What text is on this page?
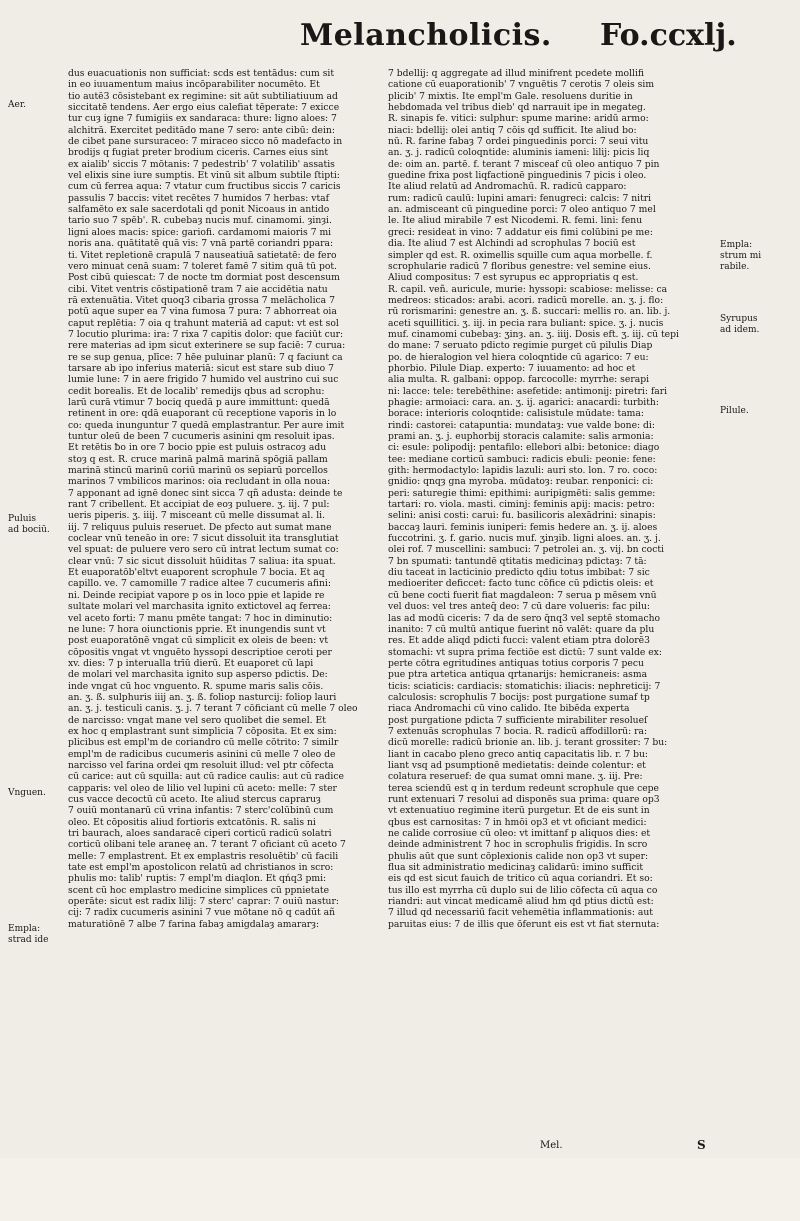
Melancholicis. Fo.ccxlj.
dus euacuationis non sufficiat: scds est tentādus: cum sit
in eo iuuamentum maius incōparabiliter nocumēto. Et
tio autē3 cōsistebant ex regimine: sit aūt subtiliatiuum ad
siccitatē tendens. Aer ergo eius calefiat tēperate: 7 exicce
tur cuȝ igne 7 fumigiis ex sandaraca: thure: ligno aloes: 7
alchitrā. Exercitet peditādo mane 7 sero: ante cibū: dein:
de cibet pane sursuraceo: 7 miraceo sicco nō madefacto in
brodijs q fugiat preter brodium ciceris. Carnes eius sint
ex aialib' siccis 7 mōtanis: 7 pedestrib' 7 volatilib' assatis
vel elixis sine iure sumptis. Et vinū sit album subtile ſtipti:
cum cū ferrea aqua: 7 vtatur cum fructibus siccis 7 caricis
passulis 7 baccis: vitet recētes 7 humidos 7 herbas: vtaf
salfamēto ex sale sacerdotali qd ponit Nicoaus in antido
tario suo 7 spēb'. R. cubebaȝ nucis muf. cinamomi. ȝinȝi.
ligni aloes macis: spice: gariofi. cardamomi maioris 7 mi
noris ana. quātitatē quā vis: 7 vnā partē coriandri ppara:
ti. Vitet repletionē crapulā 7 nauseatiuā satietatē: de fero
vero minuat cenā suam: 7 toleret famē 7 sitim quā tū pot.
Post cibū quiescat: 7 de nocte tm dormiat post descensum
cibi. Vitet ventris cōstipationē tram 7 aie accidētia natu
rā extenuātia. Vitet quoq3 cibaria grossa 7 melācholica 7
potū aque super ea 7 vina fumosa 7 pura: 7 abhorreat oia
caput replētia: 7 oia q trahunt materiā ad caput: vt est sol
7 locutio plurima: ira: 7 rixa 7 capitis dolor: que faciūt cur:
rere materias ad ipm sicut exterinere se sup faciē: 7 curua:
re se sup genua, plīce: 7 hēe puluinar planū: 7 q faciunt ca
tarsare ab ipo inferius materiā: sicut est stare sub diuo 7
lumie lune: 7 in aere frigido 7 humido vel austrino cui suc
cedit borealis. Et de localib' remedijs qbus ad scrophu:
larū curā vtimur 7 bociq quedā p aure immittunt: quedā
retinent in ore: qdā euaporant cū receptione vaporis in lo
co: queda inunguntur 7 quedā emplastrantur. Per aure imit
tuntur oleū de been 7 cucumeris asinini qm resoluit ipas.
Et retētis ƀo in ore 7 bocio ppie est puluis ostracoȝ adu
stoȝ q est. R. cruce marinā palmā marinā spōgiā pallam
marinā stincū marinū coriū marinū os sepiarū porcellos
marinos 7 vmbilicos marinos: oia recludant in olla noua:
7 apponant ad ignē donec sint sicca 7 qñ adusta: deinde te
rant 7 cribellent. Et accipiat de eoȝ puluere. ʒ. iij. 7 pul:
ueris piperis. ʒ. iiij. 7 misceant cū melle dissumat al. li.
iij. 7 reliquus puluis reseruet. De pfecto aut sumat mane
coclear vnū teneāo in ore: 7 sicut dissoluit ita transglutiat
vel spuat: de puluere vero sero cū intrat lectum sumat co:
clear vnū: 7 sic sicut dissoluit hūiditas 7 saliua: ita spuat.
Et euaporatōb'eltvt euaporent scrophule 7 bocia. Et aq
capillo. ve. 7 camomille 7 radice altee 7 cucumeris afini:
ni. Deinde recipiat vapore p os in loco ppie et lapide re
sultate molari vel marchasita ignito extictovel aq ferrea:
vel aceto forti: 7 manu pmēte tangat: 7 hoc in diminutio:
ne lune: 7 hora oiunctionis pprie. Et inungendis sunt vt
post euaporatōnē vngat cū simplicit ex oleis de been: vt
cōpositis vngat vt vnguēto hyssopi descriptioe ceroti per
xv. dies: 7 p interualla trīū dierū. Et euaporet cū lapi
de molari vel marchasita ignito sup asperso pdictis. De:
inde vngat cū hoc vnguento. R. spume maris salis cōis.
an. ʒ. ß. sulphuris iiij an. ʒ. ß. foliop nasturcij: foliop lauri
an. ʒ. j. testiculi canis. ʒ. j. 7 terant 7 cōficiant cū melle 7 oleo
de narcisso: vngat mane vel sero quolibet die semel. Et
ex hoc q emplastrant sunt simplicia 7 cōposita. Et ex sim:
plicibus est empl'm de coriandro cū melle cōtrito: 7 similr
empl'm de radicibus cucumeris asinini cū melle 7 oleo de
narcisso vel farina ordei qm resoluit illud: vel ptr cōfecta
cū carice: aut cū squilla: aut cū radice caulis: aut cū radice
capparis: vel oleo de lilio vel lupini cū aceto: melle: 7 ster
cus vacce decoctū cū aceto. Ite aliud stercus capraruȝ
7 ouiū montanarū cū vrina infantis: 7 sterc'colūbinū cum
oleo. Et cōpositis aliud fortioris extcatōnis. R. salis ni
tri baurach, aloes sandaracē ciperi corticū radicū solatri
corticū olibani tele araneę an. 7 terant 7 oficiant cū aceto 7
melle: 7 emplastrent. Et ex emplastris resoluētib' cū facili
tate est empl'm apostolicon relatū ad christianos in scro:
phulis mo: talib' ruptis: 7 empl'm diaqlon. Et qńq3 pmi:
scent cū hoc emplastro medicine simplices cū ppnietate
operāte: sicut est radix lilij: 7 sterc' caprar: 7 ouiū nastur:
cij: 7 radix cucumeris asinini 7 vue mōtane nō q cadūt añ
maturatiōnē 7 albe 7 farina fabaȝ amigdalaȝ amararȝ:
7 bdellij: q aggregate ad illud minifrent pcedete mollifi
catione cū euaporationib' 7 vnguētis 7 cerotis 7 oleis sim
plicib' 7 mixtis. Ite empl'm Gale. resoluens duritie in
hebdomada vel tribus dieb' qd narrauit ipe in megateg.
R. sinapis fe. vitici: sulphur: spume marine: aridū armo:
niaci: bdellij: olei antiq 7 cōis qd sufficit. Ite aliud bo:
nū. R. farine fabaȝ 7 ordei pinguedinis porci: 7 seui vitu
an. ʒ. j. radicū coloqntide: aluminis iameni: lilij: picis liq
de: oim an. partē. f. terant 7 misceaf cū oleo antiquo 7 pin
guedine frixa post liqfactionē pinguedinis 7 picis i oleo.
Ite aliud relatū ad Andromachū. R. radicū capparo:
rum: radicū caulū: lupini amari: fenugreci: calcis: 7 nitri
an. admisceant cū pinguedine porci: 7 oleo antiquo 7 mel
le. Ite aliud mirabile 7 est Nicodemi. R. femi. lini: fenu
greci: resideat in vino: 7 addatur eis fimi colūbini pe me:
dia. Ite aliud 7 est Alchindi ad scrophulas 7 bociū est
simpler qd est. R. oximellis squille cum aqua morbelle. f.
scrophularie radicū 7 floribus genestre: vel semine eius.
Aliud compositus: 7 est syrupus ec appropriatis q est.
R. capil. veñ. auricule, murie: hyssopi: scabiose: melisse: ca
medreos: sticados: arabi. acori. radicū morelle. an. ʒ. j. flo:
rū rorismarini: genestre an. ʒ. ß. succari: mellis ro. an. lib. j.
aceti squillitici. ʒ. iij. in pecia rara buliant: spice. ʒ. j. nucis
muf. cinamomi cubebaȝ: ʒinȝ. an. ʒ. iiij. Dosis eft. ʒ. iij. cū tepi
do mane: 7 seruato pdicto regimie purget cū pilulis Diap
po. de hieralogion vel hiera coloqntide cū agarico: 7 eu:
phorbio. Pilule Diap. experto: 7 iuuamento: ad hoc et
alia multa. R. galbani: oppop. farcocolle: myrrhe: serapi
ni: lacce: tele: terebēthine: asefetide: antimonij: piretri: fari
phagie: armoiaci: cara. an. ʒ. ij. agarici: anacardi: turbith:
borace: interioris coloqntide: calisistule mūdate: tama:
rindi: castorei: catapuntia: mundataȝ: vue valde bone: di:
prami an. ʒ. j. euphorbij storacis calamite: salis armonia:
ci: esule: polipodij: pentafilo: ellebori albi: betonice: diago
tee: mediane corticū sambuci: radicis ebuli: peonie: fene:
gith: hermodactylo: lapidis lazuli: auri sto. lon. 7 ro. coco:
gnidio: qnqȝ gna myroba. mūdatoȝ: reubar. renponici: ci:
peri: saturegie thimi: epithimi: auripigmēti: salis gemme:
tartari: ro. viola. masti. ciminj: feminis apij: macis: petro:
selini: anisi costi: carui: fu. basilicoris alexādrini: sinapis:
baccaȝ lauri. feminis iuniperi: femis hedere an. ʒ. ij. aloes
fuccotrini. ʒ. f. gario. nucis muf. ʒinȝib. ligni aloes. an. ʒ. j.
olei rof. 7 muscellini: sambuci: 7 petrolei an. ʒ. vij. bn cocti
7 bn spumati: tantundē qtitatis medicinaȝ pdictaȝ: 7 tā:
diu taceat in lacticinio predicto qdiu totus imbibat: 7 sic
medioeriter deficcet: facto tunc cōfice cū pdictis oleis: et
cū bene cocti fuerit fiat magdaleon: 7 serua p mēsem vnū
vel duos: vel tres anteq̄ deo: 7 cū dare volueris: fac pilu:
las ad modū ciceris: 7 da de sero q̄nq3 vel septē stomacho
inanito: 7 cū multū antique fuerint nō valēt: quare da plu
res. Et adde aliqd pdicti fucci: valent etiam ptra dolorē3
stomachi: vt supra prima fectiōe est dictū: 7 sunt valde ex:
perte cōtra egritudines antiquas totius corporis 7 pecu
pue ptra artetica antiqua qrtanarijs: hemicraneis: asma
ticis: sciaticis: cardiacis: stomatichis: iliacis: nephreticij: 7
calculosis: scrophulis 7 bocijs: post purgatione sumaf tp
riaca Andromachi cū vino calido. Ite bibēda experta
post purgatione pdicta 7 sufficiente mirabiliter resolueſ
7 extenuās scrophulas 7 bocia. R. radicū affodillorū: ra:
dicū morelle: radicū brionie an. lib. j. terant grossiter: 7 bu:
liant in cacabo pleno greco antiq capacitatis lib. r. 7 bu:
liant vsq ad psumptionē medietatis: deinde colentur: et
colatura reseruef: de qua sumat omni mane. ʒ. iij. Pre:
terea sciendū est q in terdum redeunt scrophule que cepe
runt extenuari 7 resolui ad disponēs sua prima: quare op3
vt extenuatiuo regimine iterū purgetur. Et de eis sunt in
qbus est carnositas: 7 in hmōi op3 et vt oficiant medici:
ne calide corrosiue cū oleo: vt imittanf p aliquos dies: et
deinde administrent 7 hoc in scrophulis frigidis. In scro
phulis aūt que sunt cōplexionis calide non op3 vt super:
flua sit administratio medicinaȝ calidarū: imino sufficit
eis qd est sicut fauich de tritico cū aqua coriandri. Et so:
tus illo est myrrha cū duplo sui de lilio cōfecta cū aqua co
riandri: aut vincat medicamē aliud hm qd ptius dictū est:
7 illud qd necessariū facit vehemētia inflammationis: aut
paruitas eius: 7 de illis que ōferunt eis est vt fiat sternuta:
Aer.
Puluis
ad bociū.
Vnguen.
Empla:
strad ide
Empla:
strum mi
rabile.
Syrupus
ad idem.
Pilule.
Mel.	S
